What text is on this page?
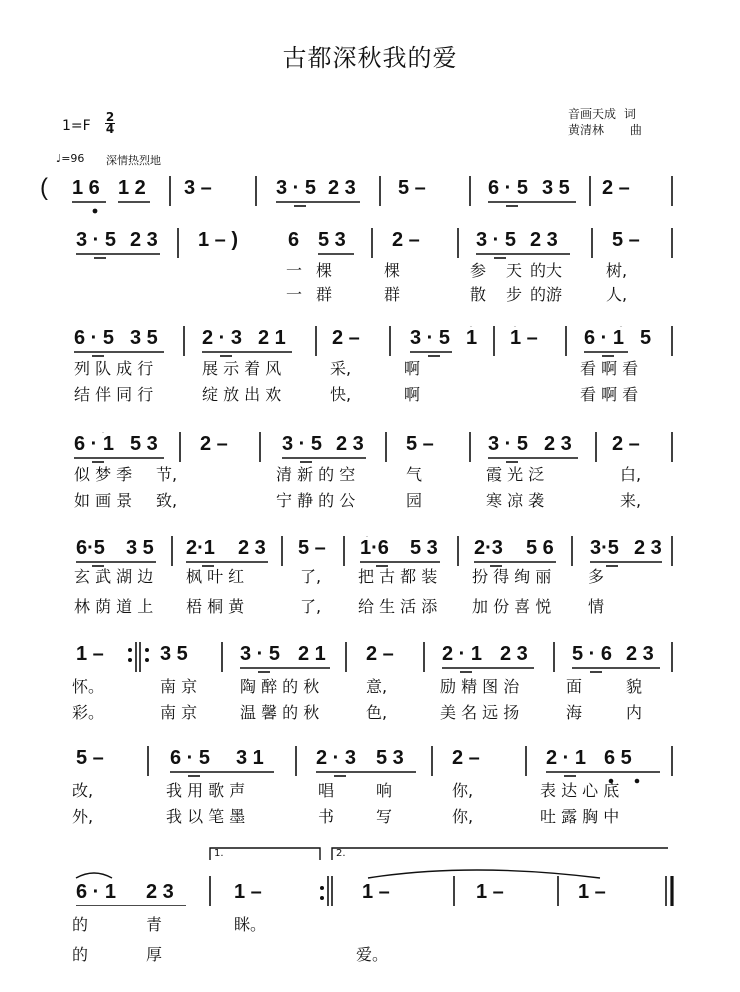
古都深秋我的爱
1=F
2
4
音画天成 词
黄清林 曲
♩=96 深情热烈地
( 1 6 1 2 3 –	3 · 5 2 3 5 –	6 · 5 3 5 2 –
3 · 5 2 3 1 – ) 6 5 3 2 –	3 · 5 2 3	5 –
一 棵	棵	参 天 的大	树,
一 群	群	散 步 的游	人,
6 · 5 3 5 2 · 3 2 1 2 –	3 · 5 1 1 – 6 · 1 5
列 队 成 行	展 示 着 风	采,	啊	看 啊 看
结 伴 同 行	绽 放 出 欢	快,	啊	看 啊 看
6 · 1 5 3 2 –	3 · 5 2 3 5 –	3 · 5 2 3 2 –
似 梦 季 节,	清 新 的 空	气	霞 光 泛	白,
如 画 景 致,	宁 静 的 公	园	寒 凉 袭	来,
6·5 3 5 2·1 2 3 5 – 1·6 5 3 2·3 5 6 3·5 2 3
玄 武 湖 边 枫 叶 红	了, 把 古 都 装 扮 得 绚 丽 多
林 荫 道 上 梧 桐 黄	了, 给 生 活 添 加 份 喜 悦 情
1 –	3 5	3 · 5 2 1 2 – 2 · 1 2 3 5 · 6 2 3
怀。	南 京	陶 醉 的 秋	意,	励 精 图 治	面	貌
彩。	南 京	温 馨 的 秋	色,	美 名 远 扬	海	内
5 –	6 · 5 3 1	2 · 3 5 3 2 –	2 · 1 6 5
改,	我 用 歌 声	唱	响	你,	表 达 心 底
外,	我 以 笔 墨	书	写	你,	吐 露 胸 中
1.	2.
6 · 1 2 3	1 –	1 –	1 –	1 –
的	青	眯。
的	厚	爱。
